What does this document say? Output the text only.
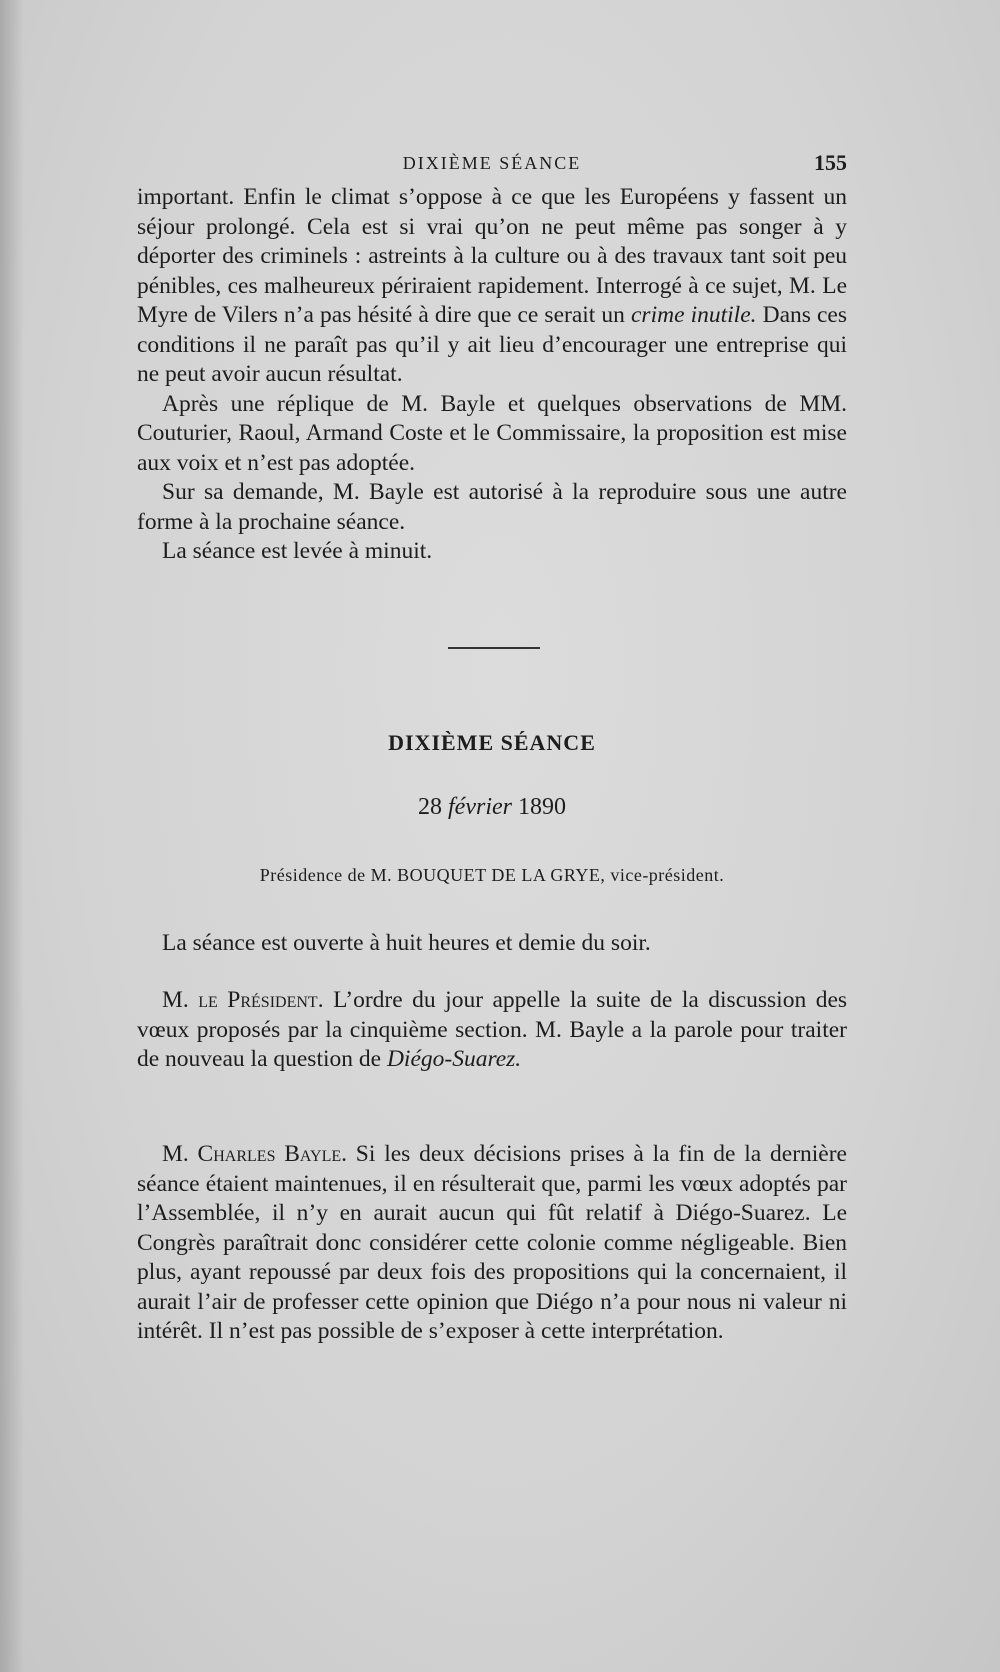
DIXIÈME SÉANCE	155

important. Enfin le climat s’oppose à ce que les Européens y fassent un séjour prolongé. Cela est si vrai qu’on ne peut même pas songer à y déporter des criminels : astreints à la culture ou à des travaux tant soit peu pénibles, ces malheureux périraient rapidement. Interrogé à ce sujet, M. Le Myre de Vilers n’a pas hésité à dire que ce serait un crime inutile. Dans ces conditions il ne paraît pas qu’il y ait lieu d’encourager une entreprise qui ne peut avoir aucun résultat.

Après une réplique de M. Bayle et quelques observations de MM. Couturier, Raoul, Armand Coste et le Commissaire, la proposition est mise aux voix et n’est pas adoptée.

Sur sa demande, M. Bayle est autorisé à la reproduire sous une autre forme à la prochaine séance.

La séance est levée à minuit.

DIXIÈME SÉANCE
28 février 1890
Présidence de M. BOUQUET DE LA GRYE, vice-président.

La séance est ouverte à huit heures et demie du soir.

M. le Président. L’ordre du jour appelle la suite de la discussion des vœux proposés par la cinquième section. M. Bayle a la parole pour traiter de nouveau la question de Diégo-Suarez.

M. Charles Bayle. Si les deux décisions prises à la fin de la dernière séance étaient maintenues, il en résulterait que, parmi les vœux adoptés par l’Assemblée, il n’y en aurait aucun qui fût relatif à Diégo-Suarez. Le Congrès paraîtrait donc considérer cette colonie comme négligeable. Bien plus, ayant repoussé par deux fois des propositions qui la concernaient, il aurait l’air de professer cette opinion que Diégo n’a pour nous ni valeur ni intérêt. Il n’est pas possible de s’exposer à cette interprétation.
